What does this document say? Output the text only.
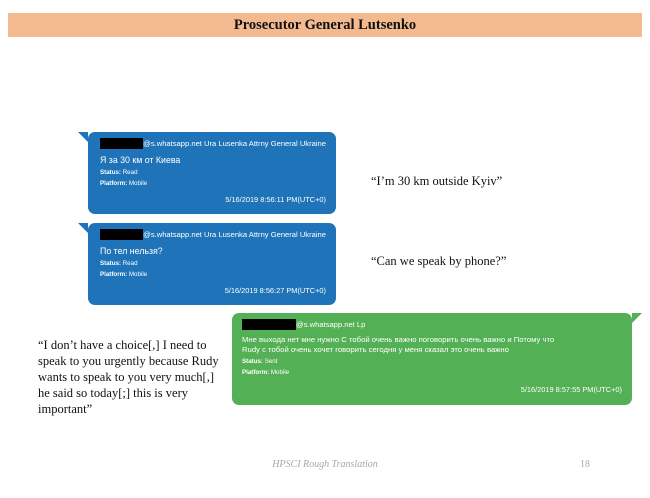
Prosecutor General Lutsenko
@s.whatsapp.net Ura Lusenka Attrny General Ukraine
Я за 30 км от Киева
Status: Read
Platform: Mobile
5/16/2019 8:56:11 PM(UTC+0)
“I’m 30 km outside Kyiv”
@s.whatsapp.net Ura Lusenka Attrny General Ukraine
По тел нельзя?
Status: Read
Platform: Mobile
5/16/2019 8:56:27 PM(UTC+0)
“Can we speak by phone?”
@s.whatsapp.net Lp
Мне выхода нет мне нужно С тобой очень важно поговорить очень важно и Потому что
Rudy с тобой очень хочет говорить сегодня у меня сказал это очень важно
Status: Sent
Platform: Mobile
5/16/2019 8:57:55 PM(UTC+0)
“I don’t have a choice[,] I need to
speak to you urgently because Rudy
wants to speak to you very much[,]
he said so today[;] this is very
important”
HPSCI Rough Translation	18
